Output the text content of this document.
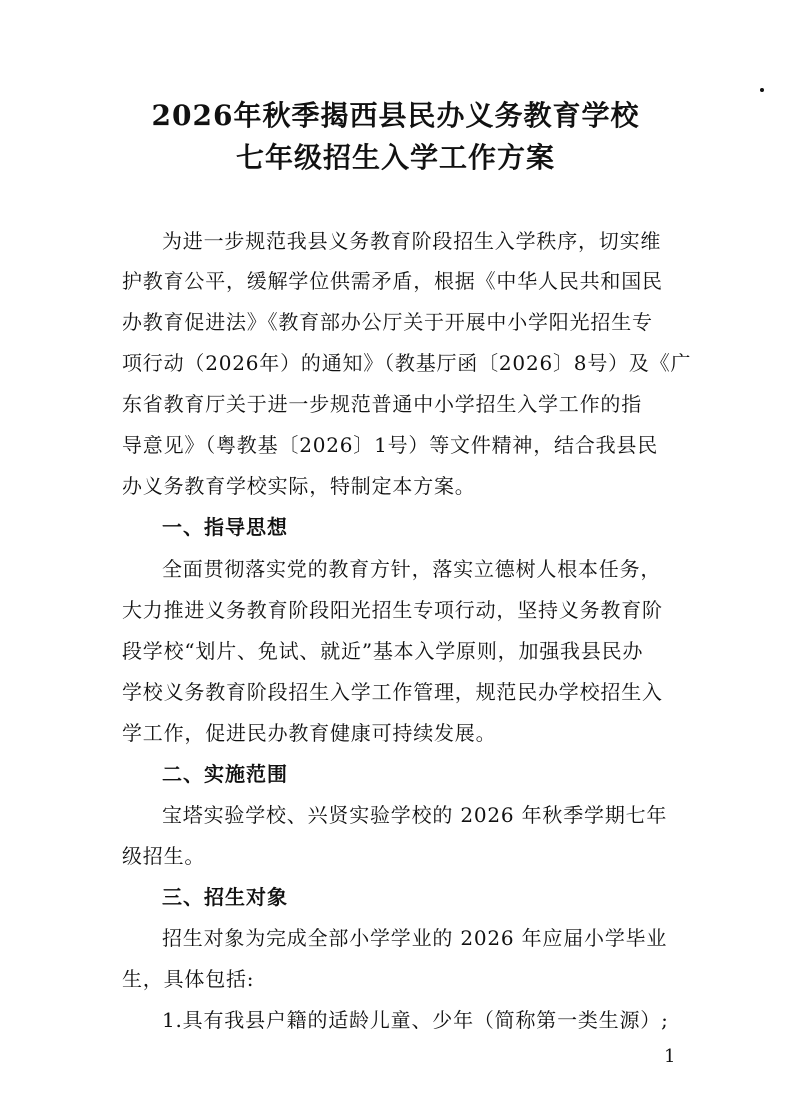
2026年秋季揭西县民办义务教育学校
七年级招生入学工作方案
为进一步规范我县义务教育阶段招生入学秩序，切实维
护教育公平，缓解学位供需矛盾，根据《中华人民共和国民
办教育促进法》《教育部办公厅关于开展中小学阳光招生专
项行动（2026年）的通知》（教基厅函〔2026〕8号）及《广
东省教育厅关于进一步规范普通中小学招生入学工作的指
导意见》（粤教基〔2026〕1号）等文件精神，结合我县民
办义务教育学校实际，特制定本方案。
一、指导思想
全面贯彻落实党的教育方针，落实立德树人根本任务，
大力推进义务教育阶段阳光招生专项行动，坚持义务教育阶
段学校“划片、免试、就近”基本入学原则，加强我县民办
学校义务教育阶段招生入学工作管理，规范民办学校招生入
学工作，促进民办教育健康可持续发展。
二、实施范围
宝塔实验学校、兴贤实验学校的 2026 年秋季学期七年
级招生。
三、招生对象
招生对象为完成全部小学学业的 2026 年应届小学毕业
生，具体包括:
1.具有我县户籍的适龄儿童、少年（简称第一类生源）;
1
